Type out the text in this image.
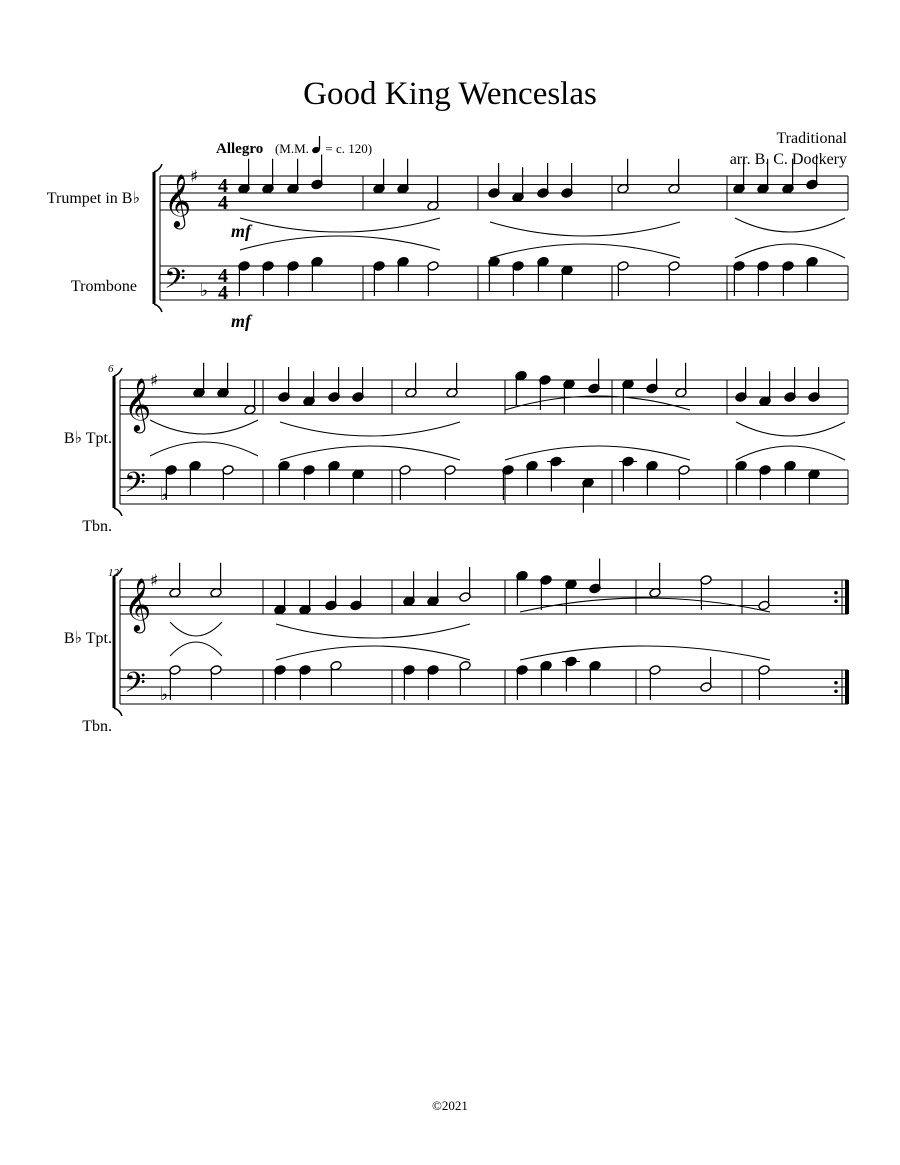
Good King Wenceslas
Traditional
arr. B. C. Dockery
Allegro (M.M. = c. 120)
Trumpet in B♭
Trombone
B♭ Tpt.
Tbn.
B♭ Tpt.
Tbn.
mf
mf
6
12
𝄞
𝄢
♯
♭
4
4
4
4
𝄞
𝄢
♯
♭
𝄞
𝄢
♯
♭
©2021
